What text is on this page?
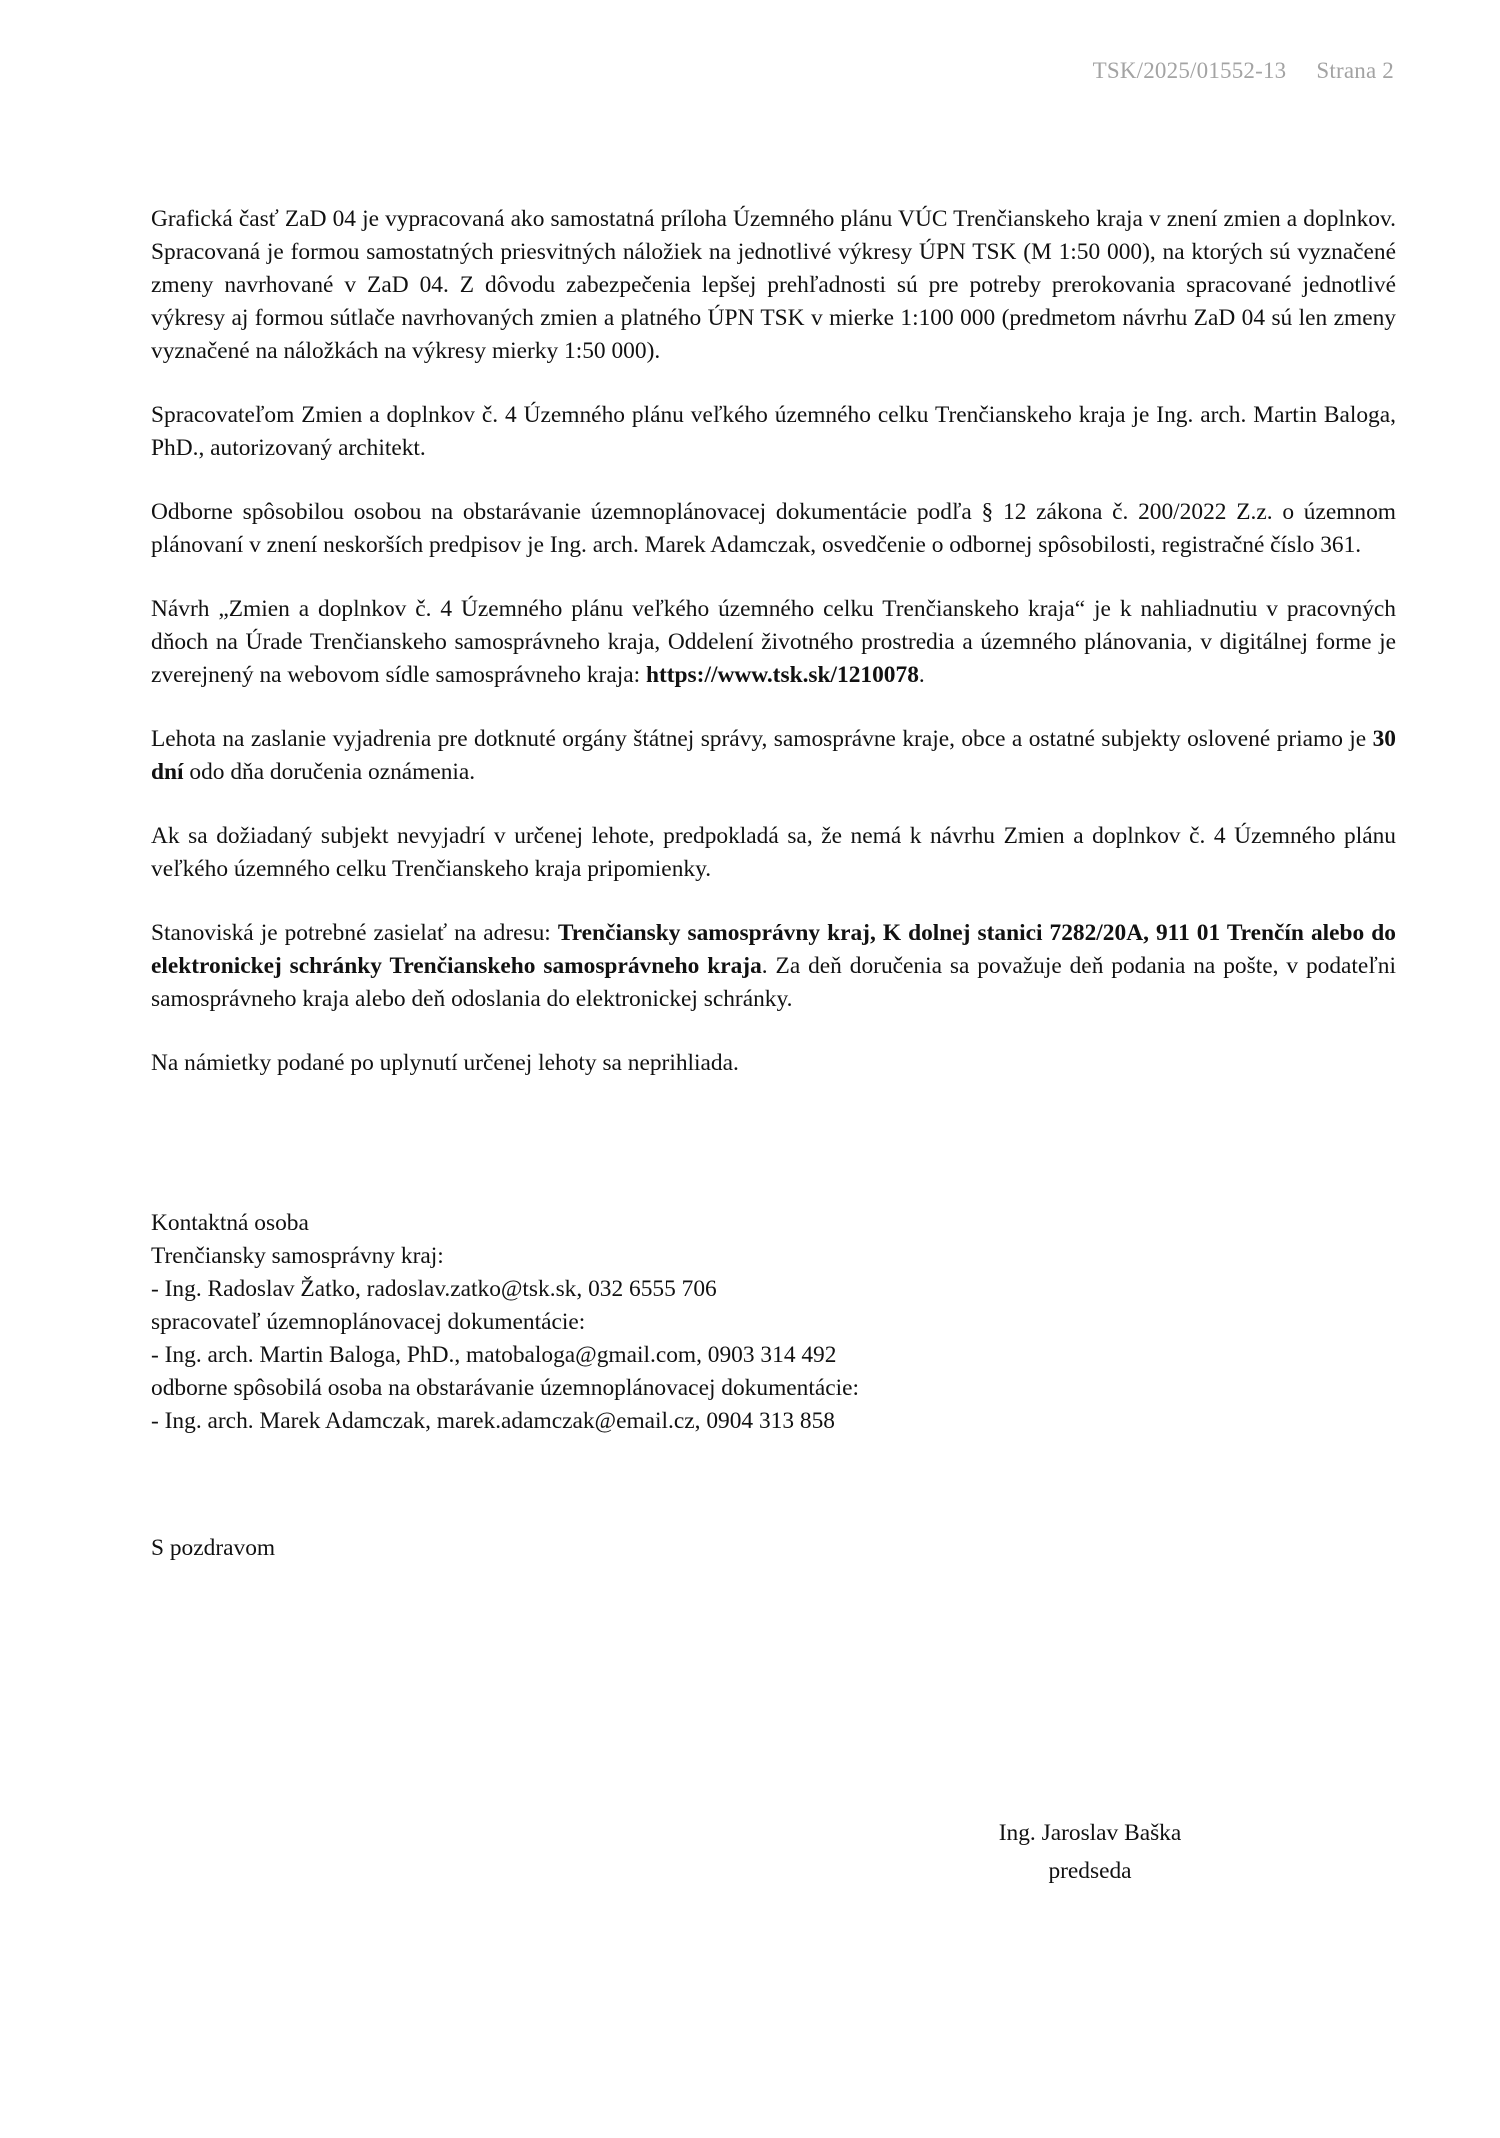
TSK/2025/01552-13 Strana 2

Grafická časť ZaD 04 je vypracovaná ako samostatná príloha Územného plánu VÚC Trenčianskeho kraja v znení zmien a doplnkov. Spracovaná je formou samostatných priesvitných náložiek na jednotlivé výkresy ÚPN TSK (M 1:50 000), na ktorých sú vyznačené zmeny navrhované v ZaD 04. Z dôvodu zabezpečenia lepšej prehľadnosti sú pre potreby prerokovania spracované jednotlivé výkresy aj formou sútlače navrhovaných zmien a platného ÚPN TSK v mierke 1:100 000 (predmetom návrhu ZaD 04 sú len zmeny vyznačené na náložkách na výkresy mierky 1:50 000).

Spracovateľom Zmien a doplnkov č. 4 Územného plánu veľkého územného celku Trenčianskeho kraja je Ing. arch. Martin Baloga, PhD., autorizovaný architekt.

Odborne spôsobilou osobou na obstarávanie územnoplánovacej dokumentácie podľa § 12 zákona č. 200/2022 Z.z. o územnom plánovaní v znení neskorších predpisov je Ing. arch. Marek Adamczak, osvedčenie o odbornej spôsobilosti, registračné číslo 361.

Návrh „Zmien a doplnkov č. 4 Územného plánu veľkého územného celku Trenčianskeho kraja“ je k nahliadnutiu v pracovných dňoch na Úrade Trenčianskeho samosprávneho kraja, Oddelení životného prostredia a územného plánovania, v digitálnej forme je zverejnený na webovom sídle samosprávneho kraja: https://www.tsk.sk/1210078.

Lehota na zaslanie vyjadrenia pre dotknuté orgány štátnej správy, samosprávne kraje, obce a ostatné subjekty oslovené priamo je 30 dní odo dňa doručenia oznámenia.

Ak sa dožiadaný subjekt nevyjadrí v určenej lehote, predpokladá sa, že nemá k návrhu Zmien a doplnkov č. 4 Územného plánu veľkého územného celku Trenčianskeho kraja pripomienky.

Stanoviská je potrebné zasielať na adresu: Trenčiansky samosprávny kraj, K dolnej stanici 7282/20A, 911 01 Trenčín alebo do elektronickej schránky Trenčianskeho samosprávneho kraja. Za deň doručenia sa považuje deň podania na pošte, v podateľni samosprávneho kraja alebo deň odoslania do elektronickej schránky.

Na námietky podané po uplynutí určenej lehoty sa neprihliada.

Kontaktná osoba
Trenčiansky samosprávny kraj:
- Ing. Radoslav Žatko, radoslav.zatko@tsk.sk, 032 6555 706
spracovateľ územnoplánovacej dokumentácie:
- Ing. arch. Martin Baloga, PhD., matobaloga@gmail.com, 0903 314 492
odborne spôsobilá osoba na obstarávanie územnoplánovacej dokumentácie:
- Ing. arch. Marek Adamczak, marek.adamczak@email.cz, 0904 313 858
S pozdravom
Ing. Jaroslav Baška
predseda
